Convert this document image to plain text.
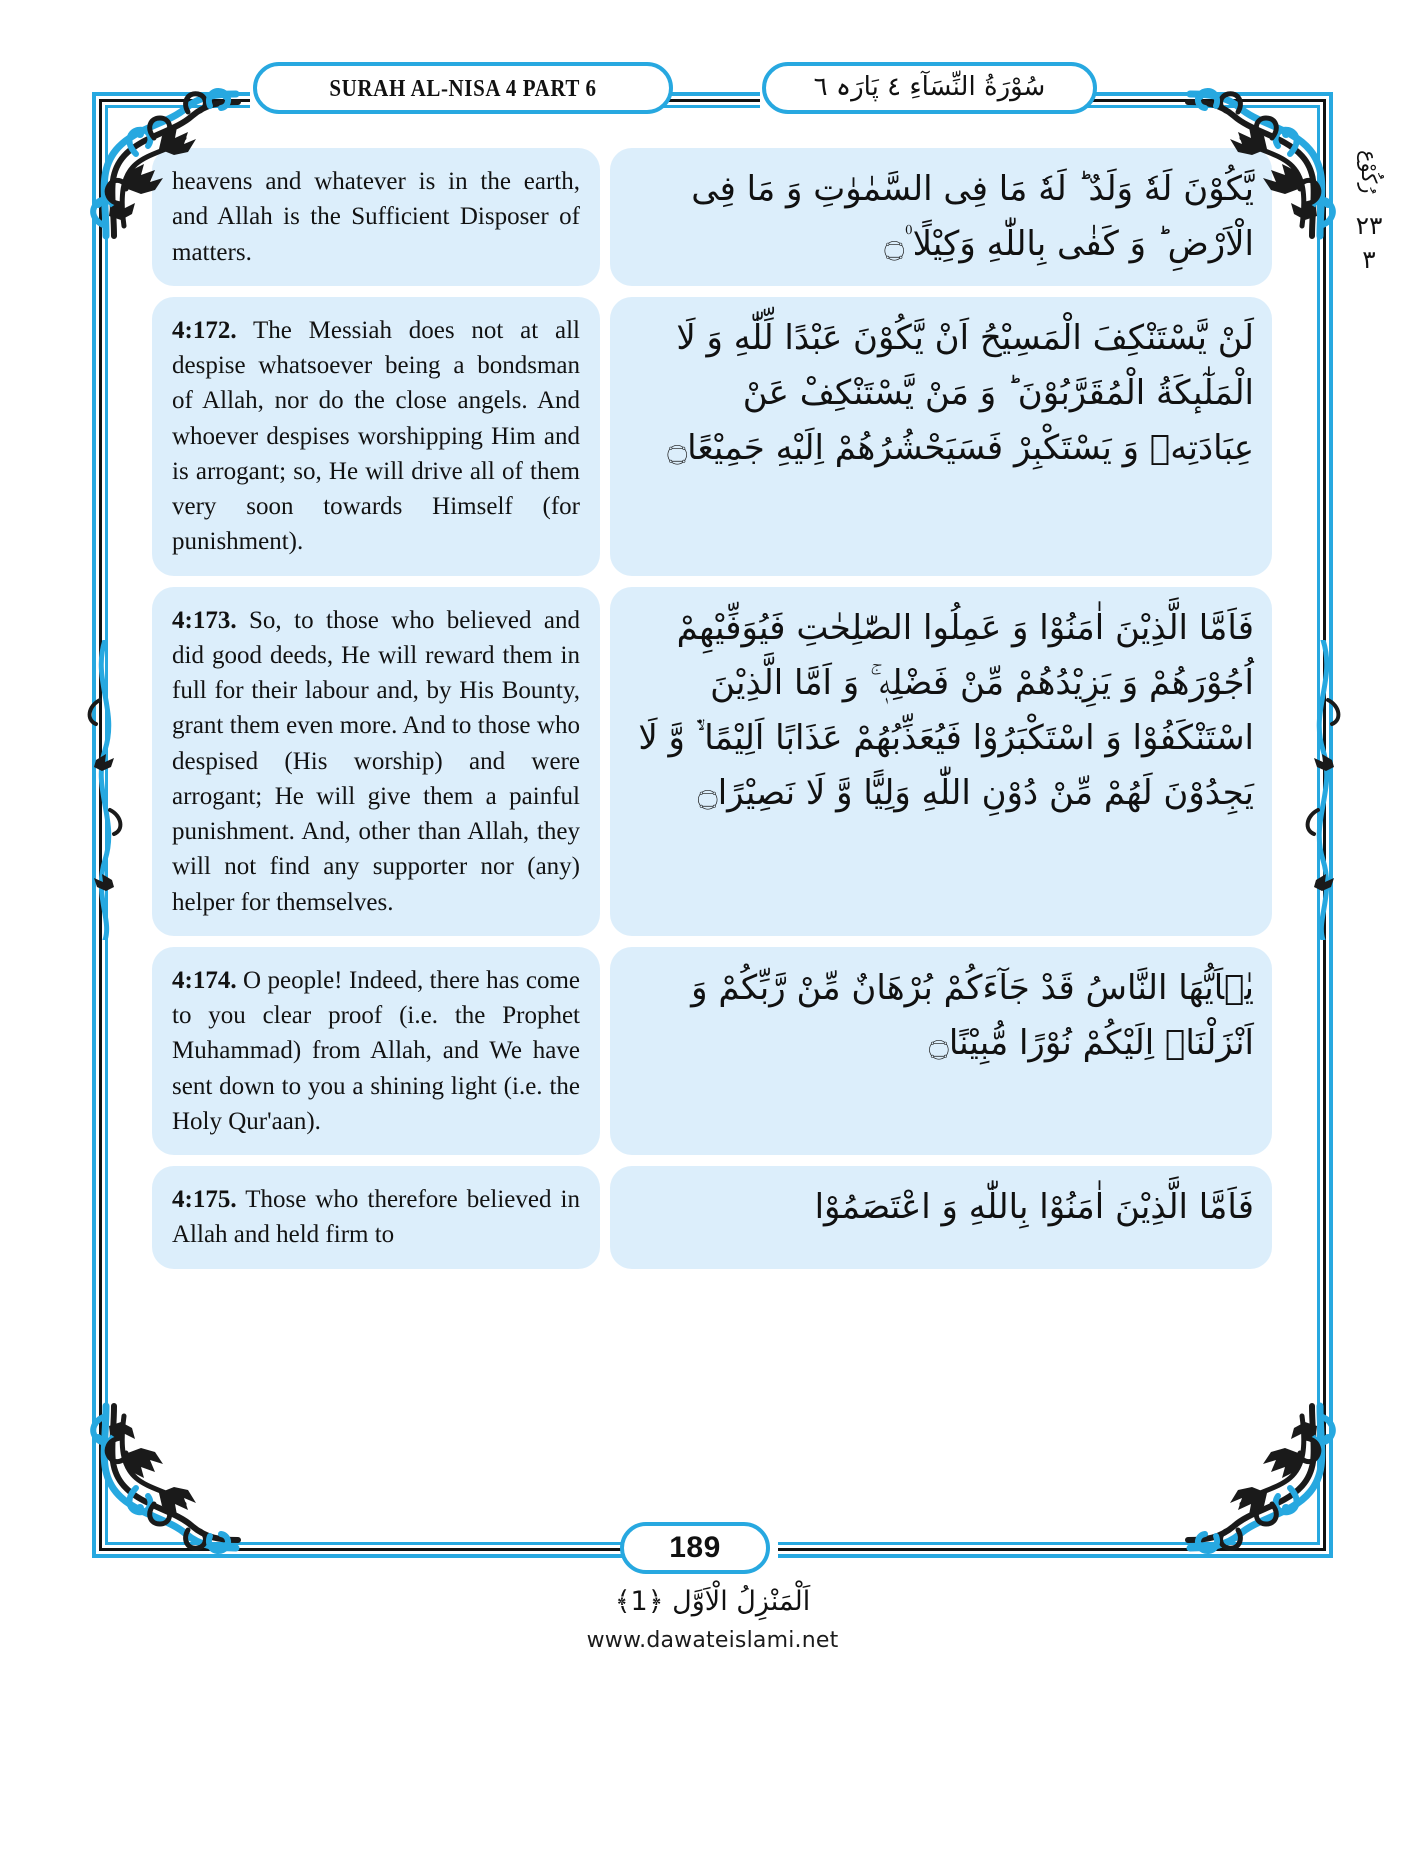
SURAH AL-NISA 4 PART 6	سُوْرَةُ النِّسَآءِ ٤ پَارَہ ٦

heavens and whatever is in the earth, and Allah is the Sufficient Disposer of matters.

یَّكُوْنَ لَهٗ وَلَدٌ ؕ لَهٗ مَا فِی السَّمٰوٰتِ وَ مَا فِی الْاَرْضِ ؕ وَ كَفٰى بِاللّٰهِ وَكِیْلًا ۠۝

4:172. The Messiah does not at all despise whatsoever being a bondsman of Allah, nor do the close angels. And whoever despises worshipping Him and is arrogant; so, He will drive all of them very soon towards Himself (for punishment).

لَنْ یَّسْتَنْكِفَ الْمَسِیْحُ اَنْ یَّكُوْنَ عَبْدًا لِّلّٰهِ وَ لَا الْمَلٰٓىٕكَةُ الْمُقَرَّبُوْنَ ؕ وَ مَنْ یَّسْتَنْكِفْ عَنْ عِبَادَتِهٖ وَ یَسْتَكْبِرْ فَسَیَحْشُرُهُمْ اِلَیْهِ جَمِیْعًا۝

4:173. So, to those who believed and did good deeds, He will reward them in full for their labour and, by His Bounty, grant them even more. And to those who despised (His worship) and were arrogant; He will give them a painful punishment. And, other than Allah, they will not find any supporter nor (any) helper for themselves.

فَاَمَّا الَّذِیْنَ اٰمَنُوْا وَ عَمِلُوا الصّٰلِحٰتِ فَیُوَفِّیْهِمْ اُجُوْرَهُمْ وَ یَزِیْدُهُمْ مِّنْ فَضْلِهٖ ۚ وَ اَمَّا الَّذِیْنَ اسْتَنْكَفُوْا وَ اسْتَكْبَرُوْا فَیُعَذِّبُهُمْ عَذَابًا اَلِیْمًا ۙ۬ وَّ لَا یَجِدُوْنَ لَهُمْ مِّنْ دُوْنِ اللّٰهِ وَلِیًّا وَّ لَا نَصِیْرًا۝

4:174. O people! Indeed, there has come to you clear proof (i.e. the Prophet Muhammad) from Allah, and We have sent down to you a shining light (i.e. the Holy Qur'aan).

یٰۤاَیُّهَا النَّاسُ قَدْ جَآءَكُمْ بُرْهَانٌ مِّنْ رَّبِّكُمْ وَ اَنْزَلْنَاۤ اِلَیْكُمْ نُوْرًا مُّبِیْنًا۝

4:175. Those who therefore believed in Allah and held firm to

فَاَمَّا الَّذِیْنَ اٰمَنُوْا بِاللّٰهِ وَ اعْتَصَمُوْا

رُکُوْع
٢٣
٣
189
اَلْمَنْزِلُ الْاَوَّل ﴿1﴾
www.dawateislami.net
